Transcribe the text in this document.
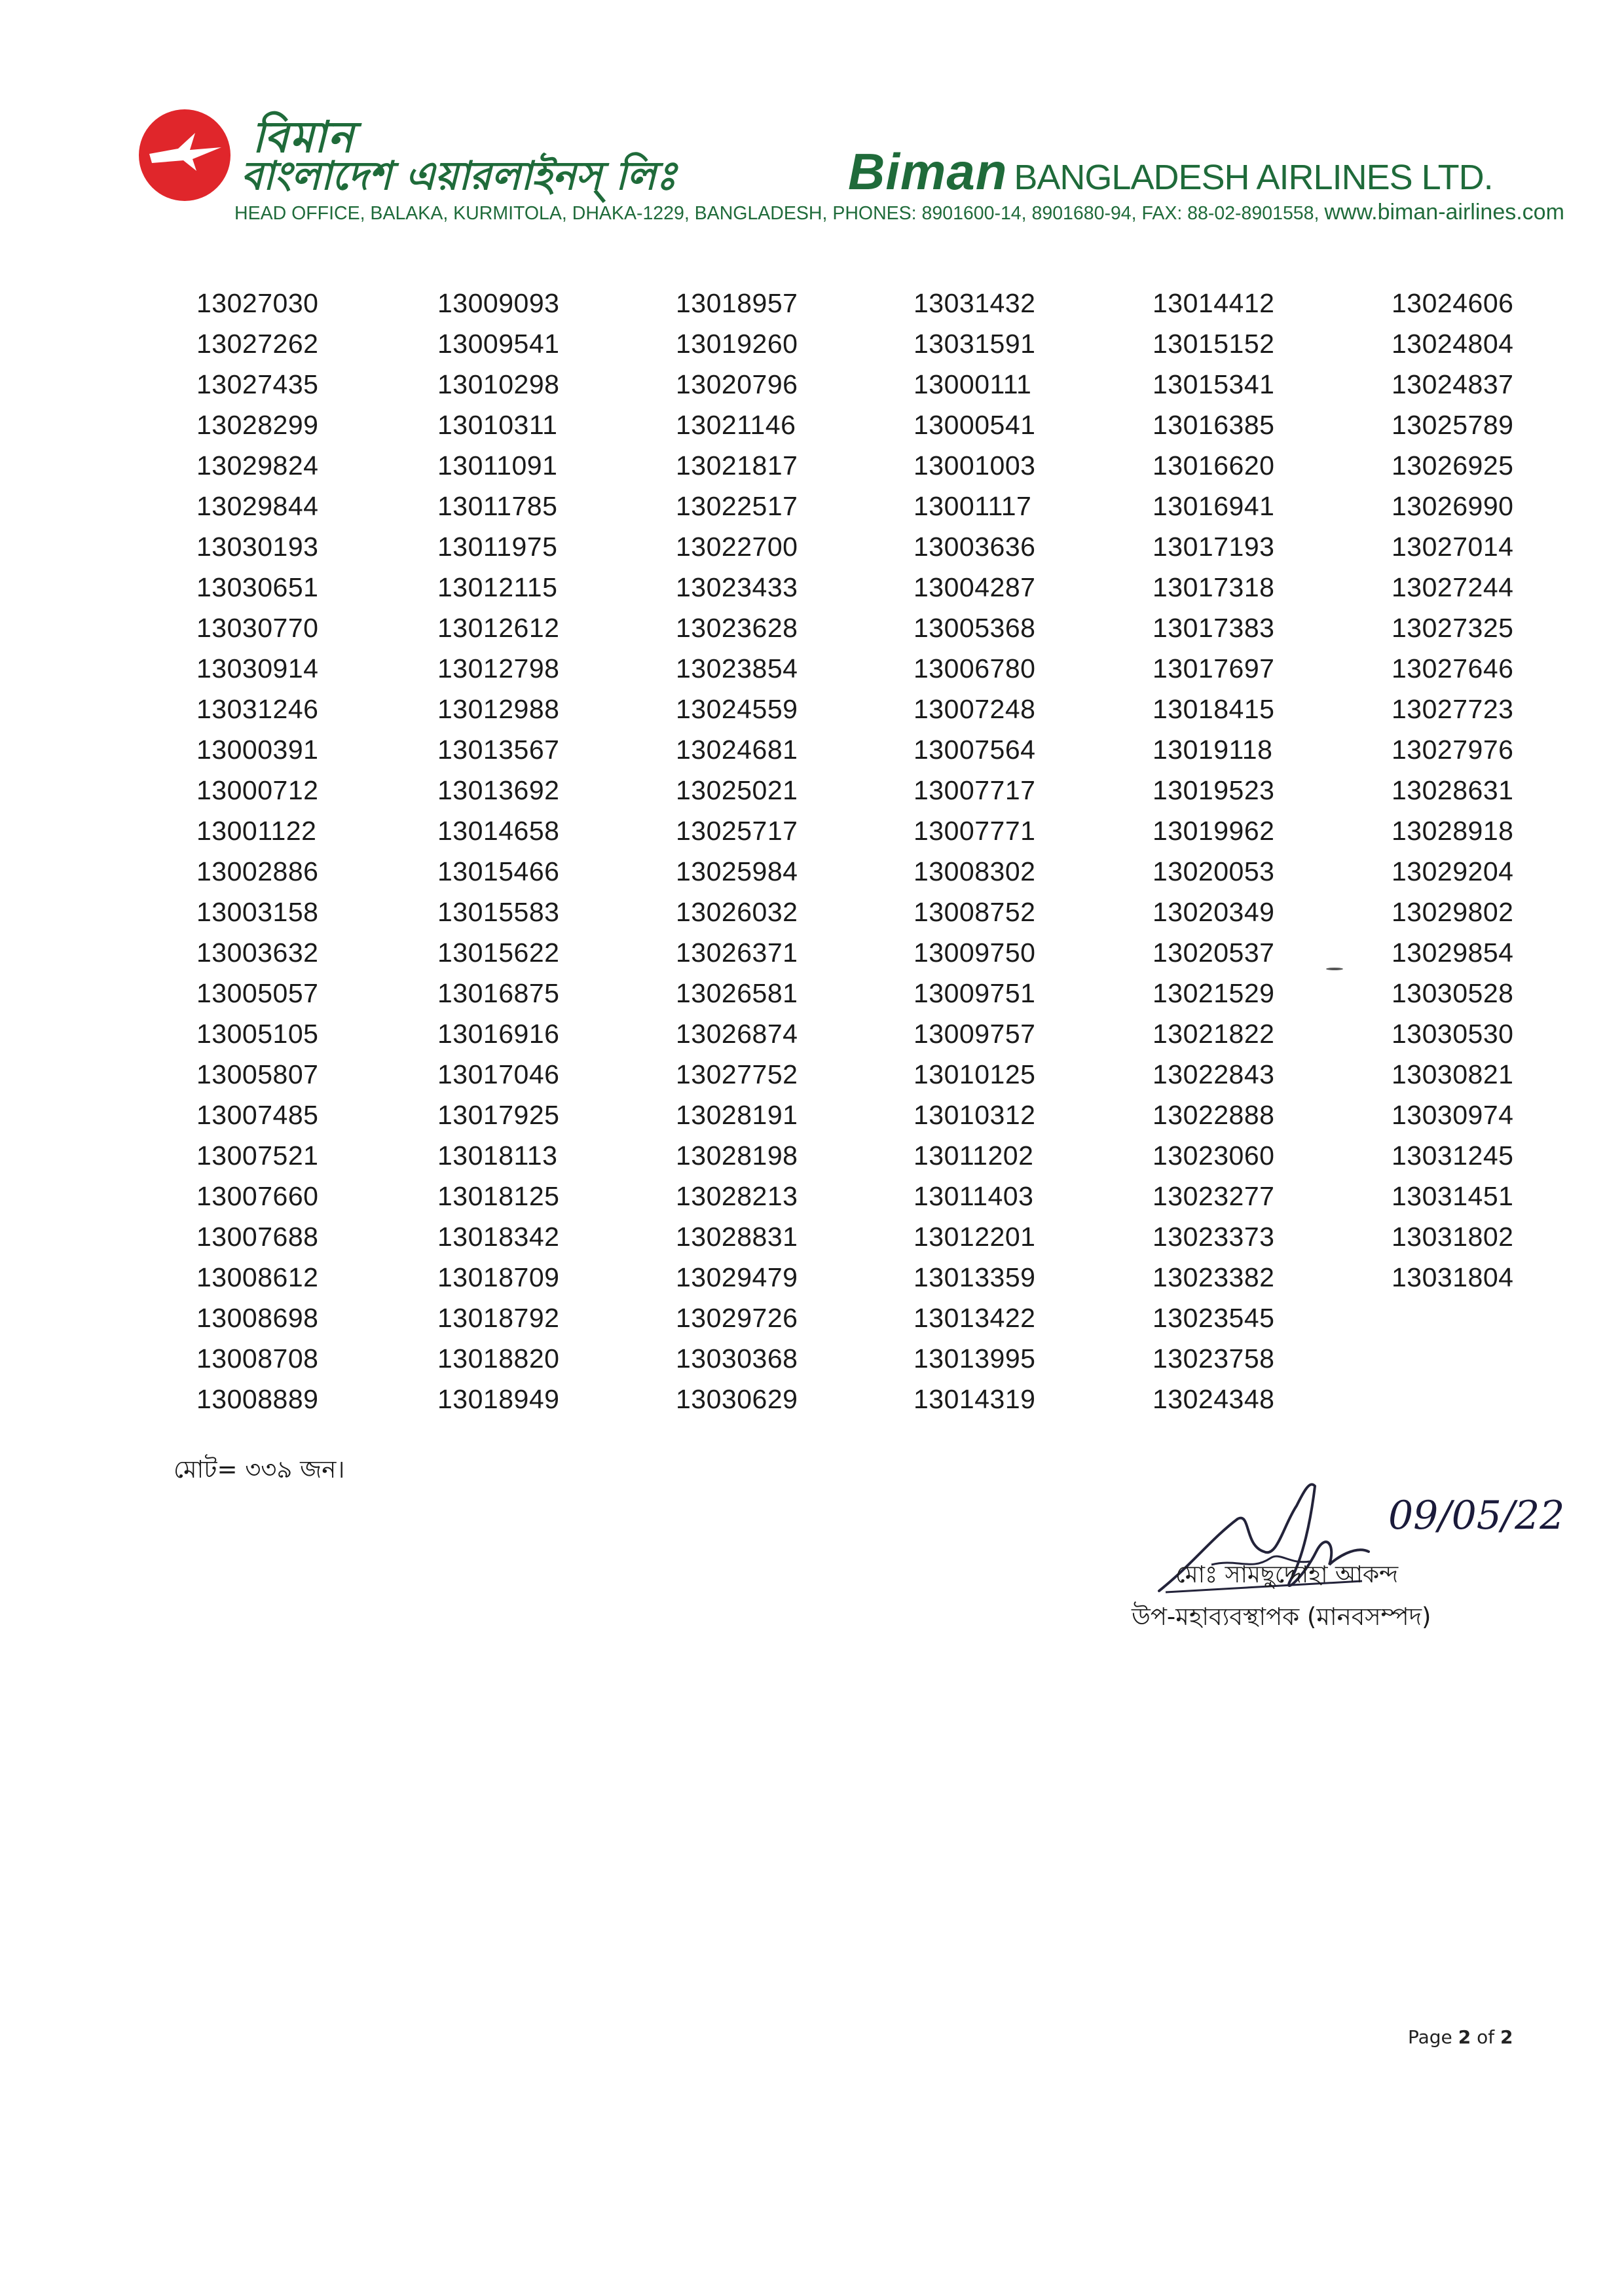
বিমান
বাংলাদেশ এয়ারলাইনস্ লিঃ	Biman BANGLADESH AIRLINES LTD.
HEAD OFFICE, BALAKA, KURMITOLA, DHAKA-1229, BANGLADESH, PHONES: 8901600-14, 8901680-94, FAX: 88-02-8901558, www.biman-airlines.com
13027030
13027262
13027435
13028299
13029824
13029844
13030193
13030651
13030770
13030914
13031246
13000391
13000712
13001122
13002886
13003158
13003632
13005057
13005105
13005807
13007485
13007521
13007660
13007688
13008612
13008698
13008708
13008889
13009093
13009541
13010298
13010311
13011091
13011785
13011975
13012115
13012612
13012798
13012988
13013567
13013692
13014658
13015466
13015583
13015622
13016875
13016916
13017046
13017925
13018113
13018125
13018342
13018709
13018792
13018820
13018949
13018957
13019260
13020796
13021146
13021817
13022517
13022700
13023433
13023628
13023854
13024559
13024681
13025021
13025717
13025984
13026032
13026371
13026581
13026874
13027752
13028191
13028198
13028213
13028831
13029479
13029726
13030368
13030629
13031432
13031591
13000111
13000541
13001003
13001117
13003636
13004287
13005368
13006780
13007248
13007564
13007717
13007771
13008302
13008752
13009750
13009751
13009757
13010125
13010312
13011202
13011403
13012201
13013359
13013422
13013995
13014319
13014412
13015152
13015341
13016385
13016620
13016941
13017193
13017318
13017383
13017697
13018415
13019118
13019523
13019962
13020053
13020349
13020537
13021529
13021822
13022843
13022888
13023060
13023277
13023373
13023382
13023545
13023758
13024348
13024606
13024804
13024837
13025789
13026925
13026990
13027014
13027244
13027325
13027646
13027723
13027976
13028631
13028918
13029204
13029802
13029854
13030528
13030530
13030821
13030974
13031245
13031451
13031802
13031804
মোট= ৩৩৯ জন।
09/05/22
মোঃ সামছুদ্দোহা আকন্দ
উপ-মহাব্যবস্থাপক (মানবসম্পদ)
Page 2 of 2
